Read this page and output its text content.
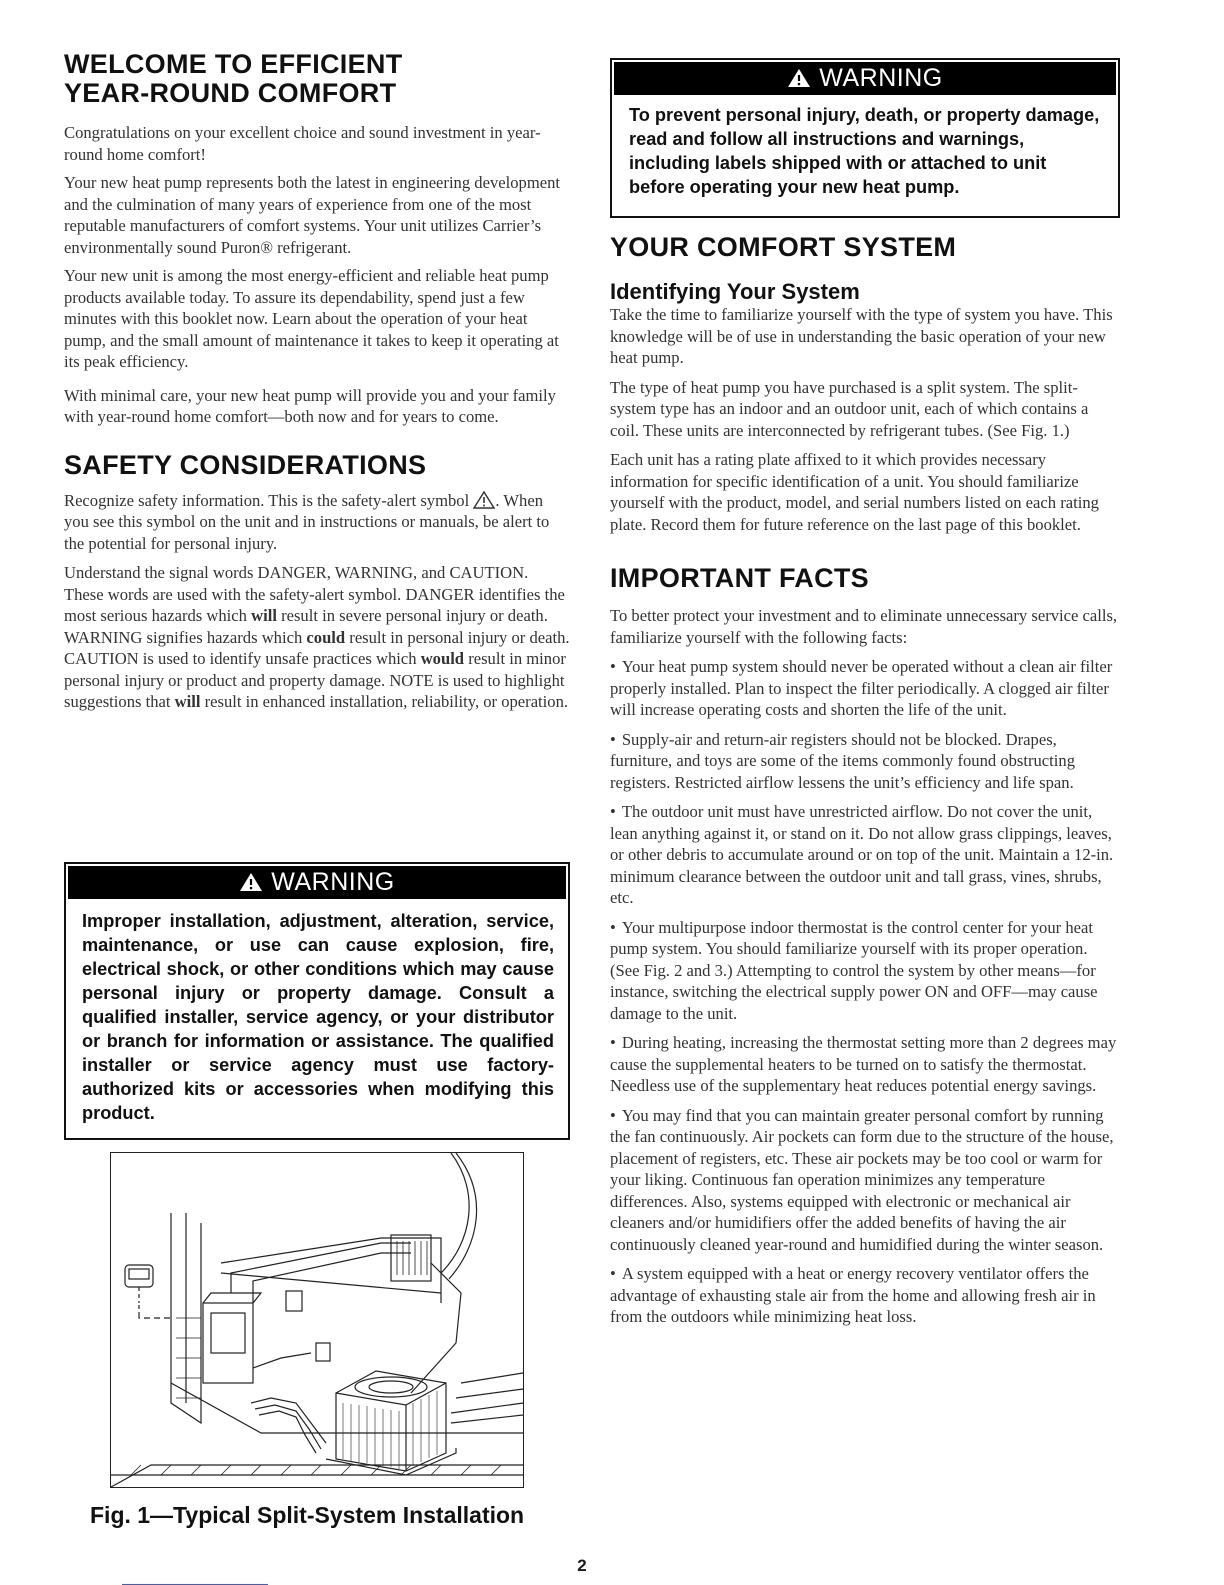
WELCOME TO EFFICIENT
YEAR-ROUND COMFORT

Congratulations on your excellent choice and sound investment in year-round home comfort!

Your new heat pump represents both the latest in engineering development and the culmination of many years of experience from one of the most reputable manufacturers of comfort systems. Your unit utilizes Carrier’s environmentally sound Puron® refrigerant.

Your new unit is among the most energy-efficient and reliable heat pump products available today. To assure its dependability, spend just a few minutes with this booklet now. Learn about the operation of your heat pump, and the small amount of maintenance it takes to keep it operating at its peak efficiency.

With minimal care, your new heat pump will provide you and your family with year-round home comfort—both now and for years to come.

SAFETY CONSIDERATIONS

Recognize safety information. This is the safety-alert symbol . When you see this symbol on the unit and in instructions or manuals, be alert to the potential for personal injury.

Understand the signal words DANGER, WARNING, and CAUTION. These words are used with the safety-alert symbol. DANGER identifies the most serious hazards which will result in severe personal injury or death. WARNING signifies hazards which could result in personal injury or death. CAUTION is used to identify unsafe practices which would result in minor personal injury or product and property damage. NOTE is used to highlight suggestions that will result in enhanced installation, reliability, or operation.

WARNING
Improper installation, adjustment, alteration, service, maintenance, or use can cause explosion, fire, electrical shock, or other conditions which may cause personal injury or property damage. Consult a qualified installer, service agency, or your distributor or branch for information or assistance. The qualified installer or service agency must use factory-authorized kits or accessories when modifying this product.
Fig. 1—Typical Split-System Installation
WARNING
To prevent personal injury, death, or property damage, read and follow all instructions and warnings, including labels shipped with or attached to unit before operating your new heat pump.
YOUR COMFORT SYSTEM
Identifying Your System

Take the time to familiarize yourself with the type of system you have. This knowledge will be of use in understanding the basic operation of your new heat pump.

The type of heat pump you have purchased is a split system. The split-system type has an indoor and an outdoor unit, each of which contains a coil. These units are interconnected by refrigerant tubes. (See Fig. 1.)

Each unit has a rating plate affixed to it which provides necessary information for specific identification of a unit. You should familiarize yourself with the product, model, and serial numbers listed on each rating plate. Record them for future reference on the last page of this booklet.

IMPORTANT FACTS

To better protect your investment and to eliminate unnecessary service calls, familiarize yourself with the following facts:

• Your heat pump system should never be operated without a clean air filter properly installed. Plan to inspect the filter periodically. A clogged air filter will increase operating costs and shorten the life of the unit.

• Supply-air and return-air registers should not be blocked. Drapes, furniture, and toys are some of the items commonly found obstructing registers. Restricted airflow lessens the unit’s efficiency and life span.

• The outdoor unit must have unrestricted airflow. Do not cover the unit, lean anything against it, or stand on it. Do not allow grass clippings, leaves, or other debris to accumulate around or on top of the unit. Maintain a 12-in. minimum clearance between the outdoor unit and tall grass, vines, shrubs, etc.

• Your multipurpose indoor thermostat is the control center for your heat pump system. You should familiarize yourself with its proper operation. (See Fig. 2 and 3.) Attempting to control the system by other means—for instance, switching the electrical supply power ON and OFF—may cause damage to the unit.

• During heating, increasing the thermostat setting more than 2 degrees may cause the supplemental heaters to be turned on to satisfy the thermostat. Needless use of the supplementary heat reduces potential energy savings.

• You may find that you can maintain greater personal comfort by running the fan continuously. Air pockets can form due to the structure of the house, placement of registers, etc. These air pockets may be too cool or warm for your liking. Continuous fan operation minimizes any temperature differences. Also, systems equipped with electronic or mechanical air cleaners and/or humidifiers offer the added benefits of having the air continuously cleaned year-round and humidified during the winter season.

• A system equipped with a heat or energy recovery ventilator offers the advantage of exhausting stale air from the home and allowing fresh air in from the outdoors while minimizing heat loss.

2
